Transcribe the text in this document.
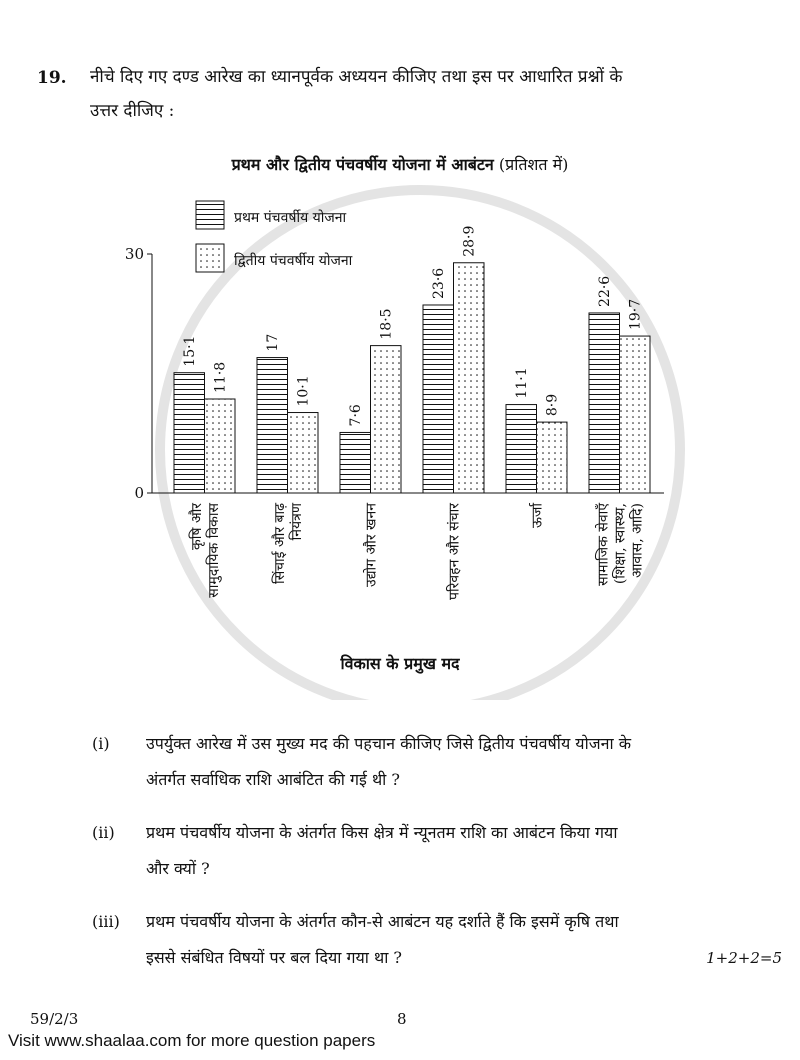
19. नीचे दिए गए दण्ड आरेख का ध्यानपूर्वक अध्ययन कीजिए तथा इस पर आधारित प्रश्नों के
उत्तर दीजिए :
प्रथम और द्वितीय पंचवर्षीय योजना में आबंटन (प्रतिशत में)
प्रथम पंचवर्षीय योजना
द्वितीय पंचवर्षीय योजना
0
30
15·1
11·8
17
10·1
7·6
18·5
23·6
28·9
11·1
8·9
22·6
19·7
कृषि और सामुदायिक विकास	सिंचाई और बाढ़ नियंत्रण	उद्योग और खनन	परिवहन और संचार	ऊर्जा	सामाजिक सेवाएँ (शिक्षा, स्वास्थ्य, आवास, आदि)
विकास के प्रमुख मद
(i) उपर्युक्त आरेख में उस मुख्य मद की पहचान कीजिए जिसे द्वितीय पंचवर्षीय योजना के
अंतर्गत सर्वाधिक राशि आबंटित की गई थी ?
(ii) प्रथम पंचवर्षीय योजना के अंतर्गत किस क्षेत्र में न्यूनतम राशि का आबंटन किया गया
और क्यों ?
(iii) प्रथम पंचवर्षीय योजना के अंतर्गत कौन-से आबंटन यह दर्शाते हैं कि इसमें कृषि तथा
इससे संबंधित विषयों पर बल दिया गया था ?	1+2+2=5
59/2/3	8
Visit www.shaalaa.com for more question papers
